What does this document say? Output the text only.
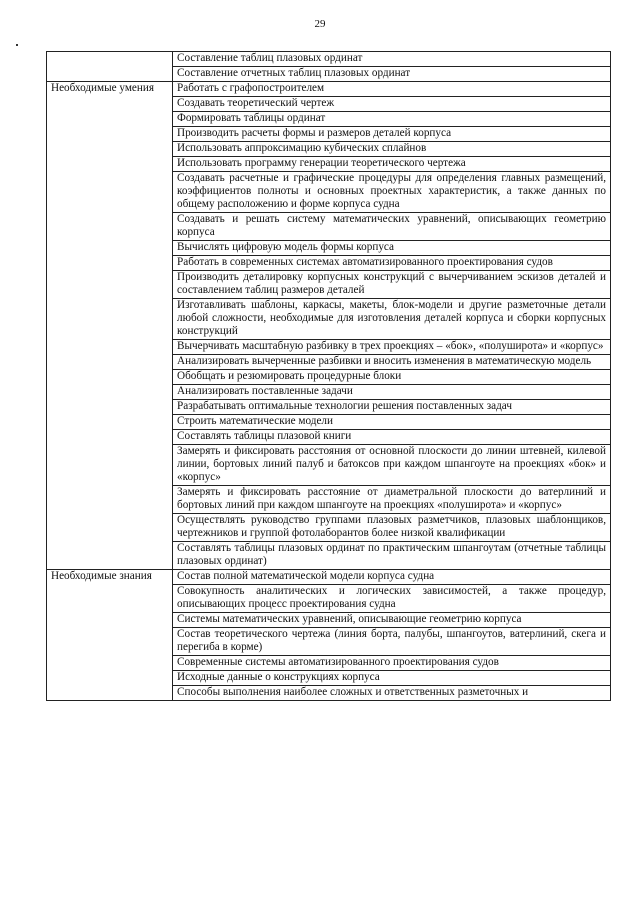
29
	Составление таблиц плазовых ординат
	Составление отчетных таблиц плазовых ординат
Необходимые умения	Работать с графопостроителем
	Создавать теоретический чертеж
	Формировать таблицы ординат
	Производить расчеты формы и размеров деталей корпуса
	Использовать аппроксимацию кубических сплайнов
	Использовать программу генерации теоретического чертежа
	Создавать расчетные и графические процедуры для определения главных размещений, коэффициентов полноты и основных проектных характеристик, а также данных по общему расположению и форме корпуса судна
	Создавать и решать систему математических уравнений, описывающих геометрию корпуса
	Вычислять цифровую модель формы корпуса
	Работать в современных системах автоматизированного проектирования судов
	Производить деталировку корпусных конструкций с вычерчиванием эскизов деталей и составлением таблиц размеров деталей
	Изготавливать шаблоны, каркасы, макеты, блок-модели и другие разметочные детали любой сложности, необходимые для изготовления деталей корпуса и сборки корпусных конструкций
	Вычерчивать масштабную разбивку в трех проекциях – «бок», «полуширота» и «корпус»
	Анализировать вычерченные разбивки и вносить изменения в математическую модель
	Обобщать и резюмировать процедурные блоки
	Анализировать поставленные задачи
	Разрабатывать оптимальные технологии решения поставленных задач
	Строить математические модели
	Составлять таблицы плазовой книги
	Замерять и фиксировать расстояния от основной плоскости до линии штевней, килевой линии, бортовых линий палуб и батоксов при каждом шпангоуте на проекциях «бок» и «корпус»
	Замерять и фиксировать расстояние от диаметральной плоскости до ватерлиний и бортовых линий при каждом шпангоуте на проекциях «полуширота» и «корпус»
	Осуществлять руководство группами плазовых разметчиков, плазовых шаблонщиков, чертежников и группой фотолаборантов более низкой квалификации
	Составлять таблицы плазовых ординат по практическим шпангоутам (отчетные таблицы плазовых ординат)
Необходимые знания	Состав полной математической модели корпуса судна
	Совокупность аналитических и логических зависимостей, а также процедур, описывающих процесс проектирования судна
	Системы математических уравнений, описывающие геометрию корпуса
	Состав теоретического чертежа (линия борта, палубы, шпангоутов, ватерлиний, скега и перегиба в корме)
	Современные системы автоматизированного проектирования судов
	Исходные данные о конструкциях корпуса
	Способы выполнения наиболее сложных и ответственных разметочных и
